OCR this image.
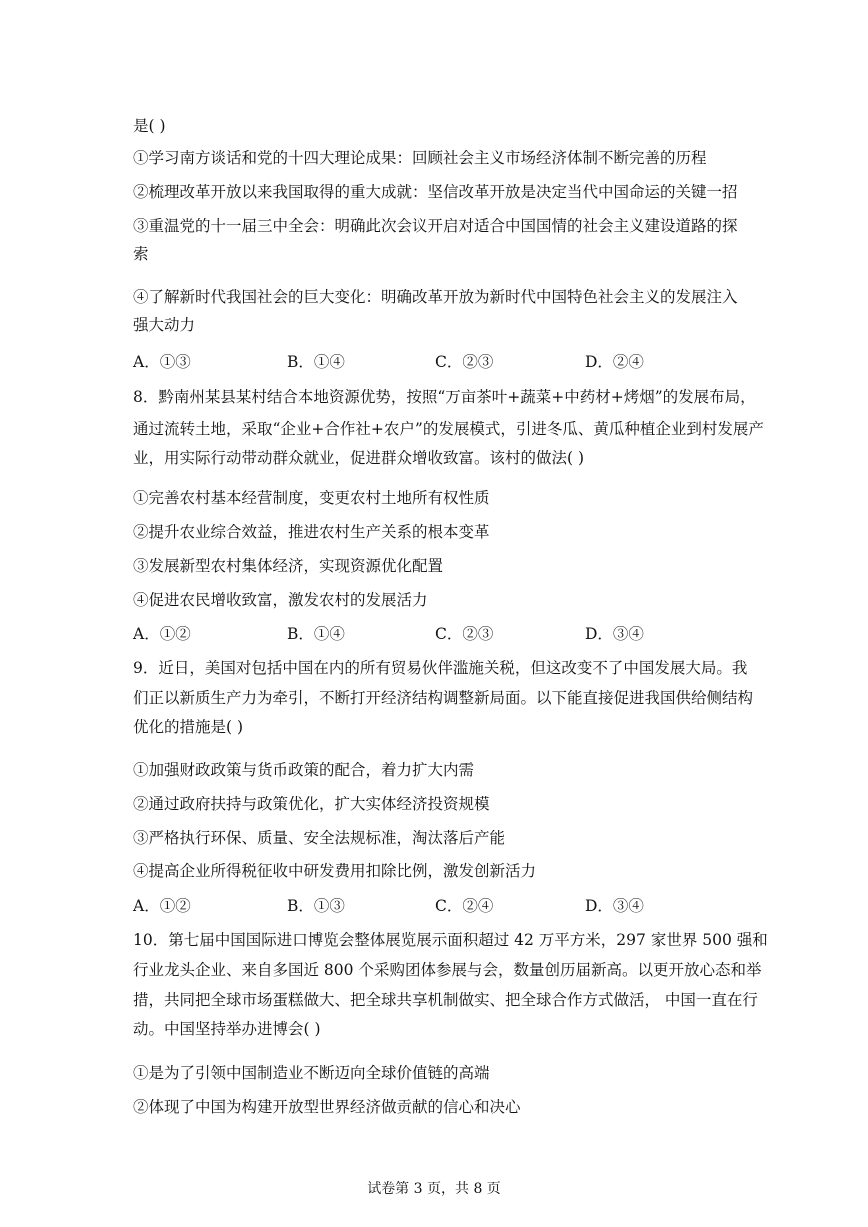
是( )
①学习南方谈话和党的十四大理论成果：回顾社会主义市场经济体制不断完善的历程
②梳理改革开放以来我国取得的重大成就：坚信改革开放是决定当代中国命运的关键一招
③重温党的十一届三中全会：明确此次会议开启对适合中国国情的社会主义建设道路的探
索
④了解新时代我国社会的巨大变化：明确改革开放为新时代中国特色社会主义的发展注入
强大动力
A．①③	B．①④	C．②③	D．②④
8．黔南州某县某村结合本地资源优势，按照“万亩茶叶+蔬菜+中药材+烤烟”的发展布局，
通过流转土地，采取“企业+合作社+农户”的发展模式，引进冬瓜、黄瓜种植企业到村发展产
业，用实际行动带动群众就业，促进群众增收致富。该村的做法( )
①完善农村基本经营制度，变更农村土地所有权性质
②提升农业综合效益，推进农村生产关系的根本变革
③发展新型农村集体经济，实现资源优化配置
④促进农民增收致富，激发农村的发展活力
A．①②	B．①④	C．②③	D．③④
9．近日，美国对包括中国在内的所有贸易伙伴滥施关税，但这改变不了中国发展大局。我
们正以新质生产力为牵引，不断打开经济结构调整新局面。以下能直接促进我国供给侧结构
优化的措施是( )
①加强财政政策与货币政策的配合，着力扩大内需
②通过政府扶持与政策优化，扩大实体经济投资规模
③严格执行环保、质量、安全法规标准，淘汰落后产能
④提高企业所得税征收中研发费用扣除比例，激发创新活力
A．①②	B．①③	C．②④	D．③④
10．第七届中国国际进口博览会整体展览展示面积超过 42 万平方米，297 家世界 500 强和
行业龙头企业、来自多国近 800 个采购团体参展与会，数量创历届新高。以更开放心态和举
措，共同把全球市场蛋糕做大、把全球共享机制做实、把全球合作方式做活， 中国一直在行
动。中国坚持举办进博会( )
①是为了引领中国制造业不断迈向全球价值链的高端
②体现了中国为构建开放型世界经济做贡献的信心和决心
试卷第 3 页，共 8 页
